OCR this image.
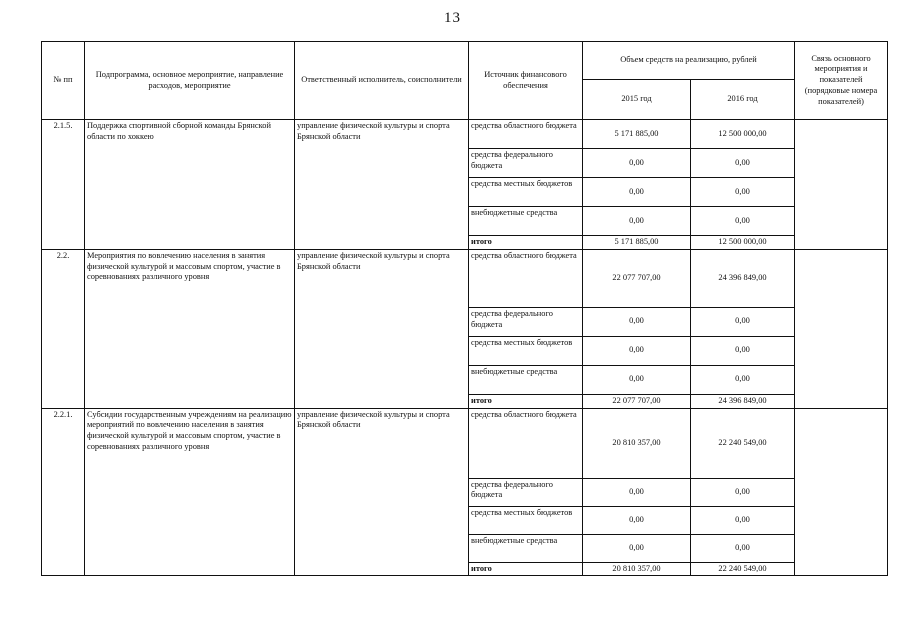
13
№ пп	Подпрограмма, основное мероприятие, направление расходов, мероприятие	Ответственный исполнитель, соисполнители	Источник финансового обеспечения	Объем средств на реализацию, рублей		Связь основного мероприятия и показателей (порядковые номера показателей)
				2015 год	2016 год	
2.1.5.	Поддержка спортивной сборной команды Брянской области по хоккею	управление физической культуры и спорта Брянской области	средства областного бюджета	5 171 885,00	12 500 000,00	
			средства федерального бюджета	0,00	0,00	
			средства местных бюджетов	0,00	0,00	
			внебюджетные средства	0,00	0,00	
			итого	5 171 885,00	12 500 000,00	
2.2.	Мероприятия по вовлечению населения в занятия физической культурой и массовым спортом, участие в соревнованиях различного уровня	управление физической культуры и спорта Брянской области	средства областного бюджета	22 077 707,00	24 396 849,00	
			средства федерального бюджета	0,00	0,00	
			средства местных бюджетов	0,00	0,00	
			внебюджетные средства	0,00	0,00	
			итого	22 077 707,00	24 396 849,00	
2.2.1.	Субсидии государственным учреждениям на реализацию мероприятий по вовлечению населения в занятия физической культурой и массовым спортом, участие в соревнованиях различного уровня	управление физической культуры и спорта Брянской области	средства областного бюджета	20 810 357,00	22 240 549,00	
			средства федерального бюджета	0,00	0,00	
			средства местных бюджетов	0,00	0,00	
			внебюджетные средства	0,00	0,00	
			итого	20 810 357,00	22 240 549,00	
